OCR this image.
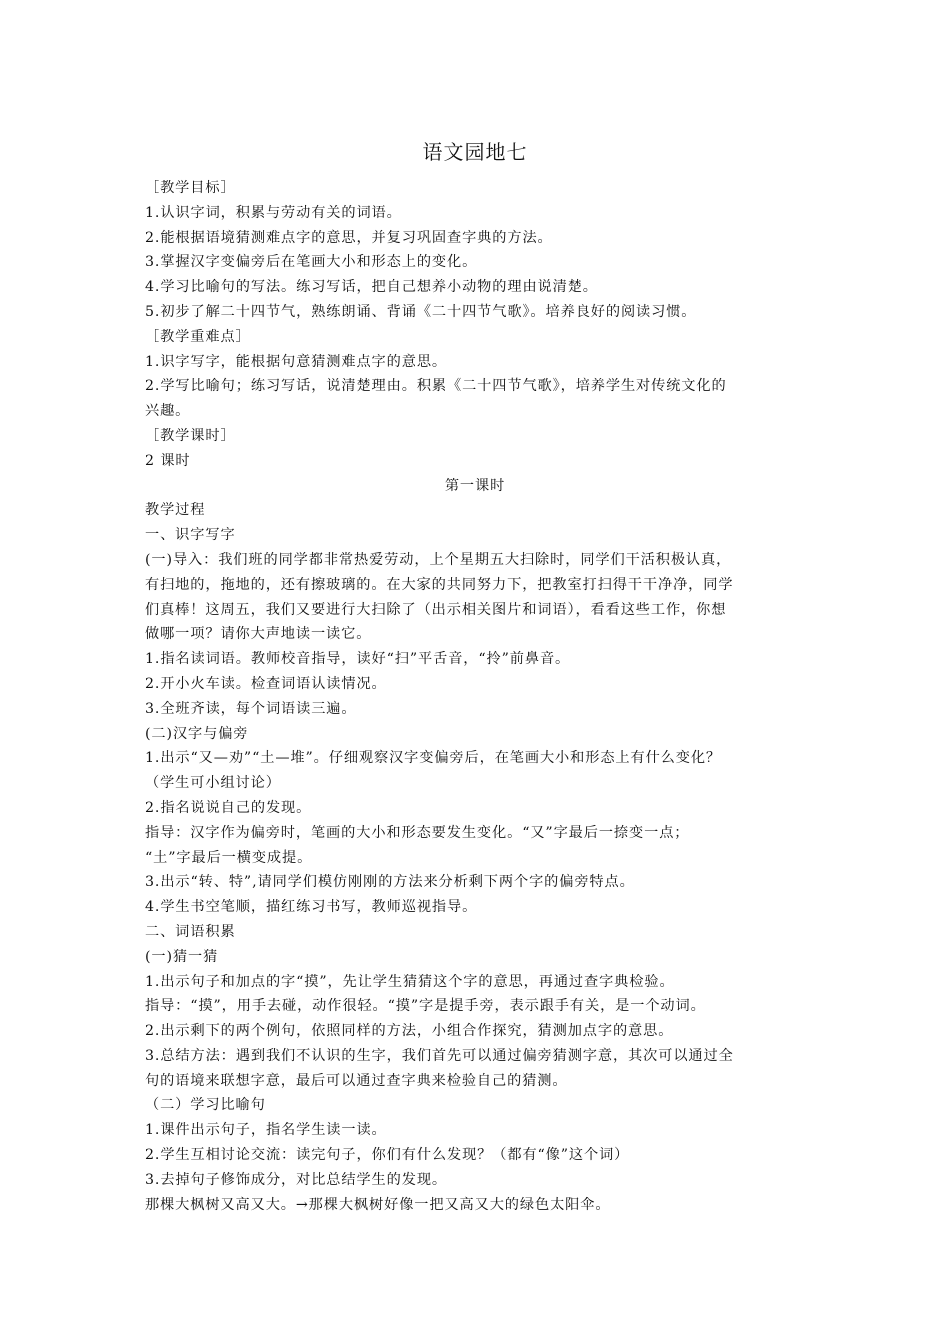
语文园地七
［教学目标］
1.认识字词，积累与劳动有关的词语。
2.能根据语境猜测难点字的意思，并复习巩固查字典的方法。
3.掌握汉字变偏旁后在笔画大小和形态上的变化。
4.学习比喻句的写法。练习写话，把自己想养小动物的理由说清楚。
5.初步了解二十四节气，熟练朗诵、背诵《二十四节气歌》。培养良好的阅读习惯。
［教学重难点］
1.识字写字，能根据句意猜测难点字的意思。
2.学写比喻句；练习写话，说清楚理由。积累《二十四节气歌》，培养学生对传统文化的
兴趣。
［教学课时］
2 课时
第一课时
教学过程
一、识字写字
(一)导入：我们班的同学都非常热爱劳动，上个星期五大扫除时，同学们干活积极认真，
有扫地的，拖地的，还有擦玻璃的。在大家的共同努力下，把教室打扫得干干净净，同学
们真棒！这周五，我们又要进行大扫除了（出示相关图片和词语），看看这些工作，你想
做哪一项？请你大声地读一读它。
1.指名读词语。教师校音指导，读好“扫”平舌音，“拎”前鼻音。
2.开小火车读。检查词语认读情况。
3.全班齐读，每个词语读三遍。
(二)汉字与偏旁
1.出示“又—劝”“土—堆”。仔细观察汉字变偏旁后，在笔画大小和形态上有什么变化？
（学生可小组讨论）
2.指名说说自己的发现。
指导：汉字作为偏旁时，笔画的大小和形态要发生变化。“又”字最后一捺变一点；
“土”字最后一横变成提。
3.出示“转、特”,请同学们模仿刚刚的方法来分析剩下两个字的偏旁特点。
4.学生书空笔顺，描红练习书写，教师巡视指导。
二、词语积累
(一)猜一猜
1.出示句子和加点的字“摸”，先让学生猜猜这个字的意思，再通过查字典检验。
指导：“摸”，用手去碰，动作很轻。“摸”字是提手旁，表示跟手有关，是一个动词。
2.出示剩下的两个例句，依照同样的方法，小组合作探究，猜测加点字的意思。
3.总结方法：遇到我们不认识的生字，我们首先可以通过偏旁猜测字意，其次可以通过全
句的语境来联想字意，最后可以通过查字典来检验自己的猜测。
（二）学习比喻句
1.课件出示句子，指名学生读一读。
2.学生互相讨论交流：读完句子，你们有什么发现？（都有“像”这个词）
3.去掉句子修饰成分，对比总结学生的发现。
那棵大枫树又高又大。→那棵大枫树好像一把又高又大的绿色太阳伞。
